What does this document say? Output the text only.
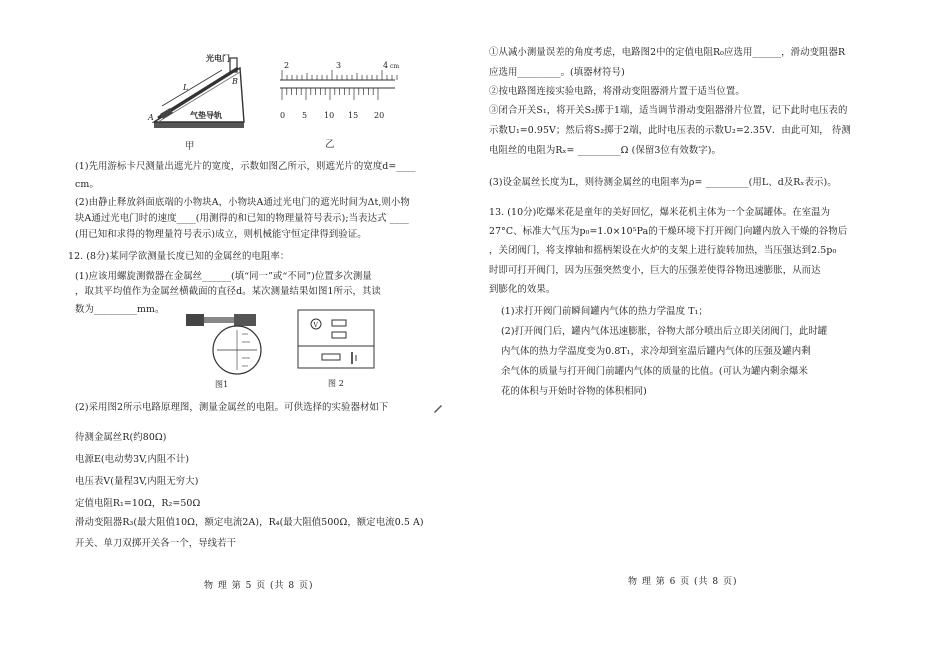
光电门
L
B
A	气垫导轨
甲
2	3	4 cm
0 5 10 15 20
乙
(1)先用游标卡尺测量出遮光片的宽度，示数如图乙所示，则遮光片的宽度d=____
cm。
(2)由静止释放斜面底端的小物块A，小物块A通过光电门的遮光时间为Δt,则小物
块A通过光电门时的速度____(用测得的和已知的物理量符号表示);当表达式 ____
(用已知和求得的物理量符号表示)成立，则机械能守恒定律得到验证。
12. (8分)某同学欲测量长度已知的金属丝的电阻率：
(1)应该用螺旋测微器在金属丝______(填“同一”或“不同”)位置多次测量
，取其平均值作为金属丝横截面的直径d。某次测量结果如图1所示，其读
数为_________mm。
图1
V
图 2
(2)采用图2所示电路原理图，测量金属丝的电阻。可供选择的实验器材如下
待测金属丝R(约80Ω)
电源E(电动势3V,内阻不计)
电压表V(量程3V,内阻无穷大)
定值电阻R₁=10Ω，R₂=50Ω
滑动变阻器R₃(最大阻值10Ω，额定电流2A)，R₄(最大阻值500Ω，额定电流0.5 A)
开关、单刀双掷开关各一个，导线若干
物 理 第 5 页 (共 8 页)
①从减小测量误差的角度考虑，电路图2中的定值电阻R₀应选用______，滑动变阻器R
应选用_________。(填器材符号)
②按电路图连接实验电路，将滑动变阻器滑片置于适当位置。
③闭合开关S₁，将开关S₂掷于1端，适当调节滑动变阻器滑片位置，记下此时电压表的
示数U₁=0.95V；然后将S₂掷于2端，此时电压表的示数U₂=2.35V．由此可知， 待测
电阻丝的电阻为Rₓ= _________Ω (保留3位有效数字)。
(3)设金属丝长度为L，则待测金属丝的电阻率为ρ= _________(用L、d及Rₓ表示)。
13. (10分)吃爆米花是童年的美好回忆，爆米花机主体为一个金属罐体。在室温为
27°C、标准大气压为p₀=1.0×10⁵Pa的干燥环境下打开阀门向罐内放入干燥的谷物后
，关闭阀门，将支撑轴和摇柄架设在火炉的支架上进行旋转加热，当压强达到2.5p₀
时即可打开阀门，因为压强突然变小，巨大的压强差使得谷物迅速膨胀，从而达
到膨化的效果。
(1)求打开阀门前瞬间罐内气体的热力学温度 T₁；
(2)打开阀门后，罐内气体迅速膨胀，谷物大部分喷出后立即关闭阀门，此时罐
内气体的热力学温度变为0.8T₁，求冷却到室温后罐内气体的压强及罐内剩
余气体的质量与打开阀门前罐内气体的质量的比值。(可认为罐内剩余爆米
花的体积与开始时谷物的体积相同)
物 理 第 6 页 (共 8 页)
